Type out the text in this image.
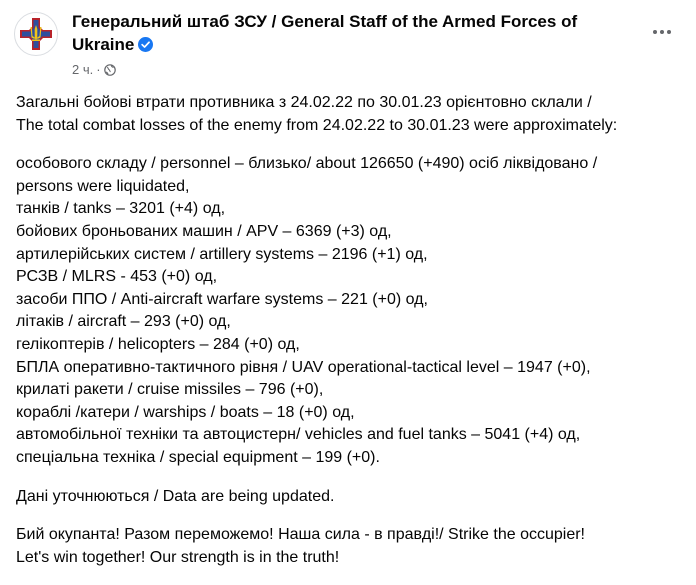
Генеральний штаб ЗСУ / General Staff of the Armed Forces of Ukraine
2 ч. ·

Загальні бойові втрати противника з 24.02.22 по 30.01.23 орієнтовно склали /
The total combat losses of the enemy from 24.02.22 to 30.01.23 were approximately:

особового складу / personnel ‒ близько/ about 126650 (+490) осіб ліквідовано /
persons were liquidated,
танків / tanks ‒ 3201 (+4) од,
бойових броньованих машин / APV ‒ 6369 (+3) од,
артилерійських систем / artillery systems – 2196 (+1) од,
РСЗВ / MLRS - 453 (+0) од,
засоби ППО / Anti-aircraft warfare systems ‒ 221 (+0) од,
літаків / aircraft – 293 (+0) од,
гелікоптерів / helicopters – 284 (+0) од,
БПЛА оперативно-тактичного рівня / UAV operational-tactical level – 1947 (+0),
крилаті ракети / cruise missiles ‒ 796 (+0),
кораблі /катери / warships / boats ‒ 18 (+0) од,
автомобільної техніки та автоцистерн/ vehicles and fuel tanks – 5041 (+4) од,
спеціальна техніка / special equipment ‒ 199 (+0).

Дані уточнюються / Data are being updated.

Бий окупанта! Разом переможемо! Наша сила - в правді!/ Strike the occupier!
Let's win together! Our strength is in the truth!
